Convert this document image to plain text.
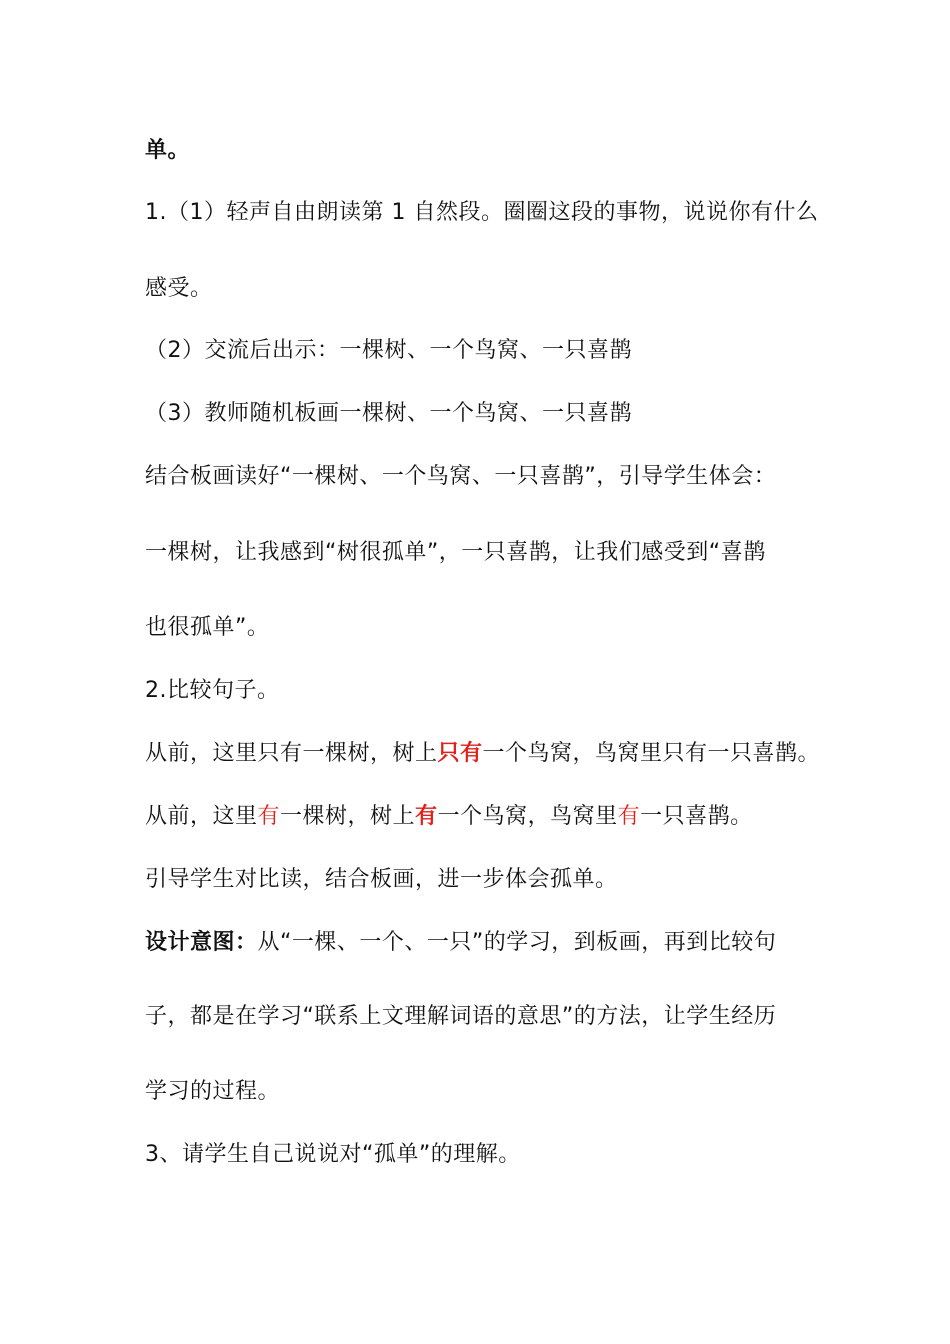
单。
1.（1）轻声自由朗读第 1 自然段。圈圈这段的事物，说说你有什么
感受。
（2）交流后出示：一棵树、一个鸟窝、一只喜鹊
（3）教师随机板画一棵树、一个鸟窝、一只喜鹊
结合板画读好“一棵树、一个鸟窝、一只喜鹊”，引导学生体会：
一棵树，让我感到“树很孤单”，一只喜鹊，让我们感受到“喜鹊
也很孤单”。
2.比较句子。
从前，这里只有一棵树，树上只有一个鸟窝，鸟窝里只有一只喜鹊。
从前，这里有一棵树，树上有一个鸟窝，鸟窝里有一只喜鹊。
引导学生对比读，结合板画，进一步体会孤单。
设计意图：从“一棵、一个、一只”的学习，到板画，再到比较句
子，都是在学习“联系上文理解词语的意思”的方法，让学生经历
学习的过程。
3、请学生自己说说对“孤单”的理解。
